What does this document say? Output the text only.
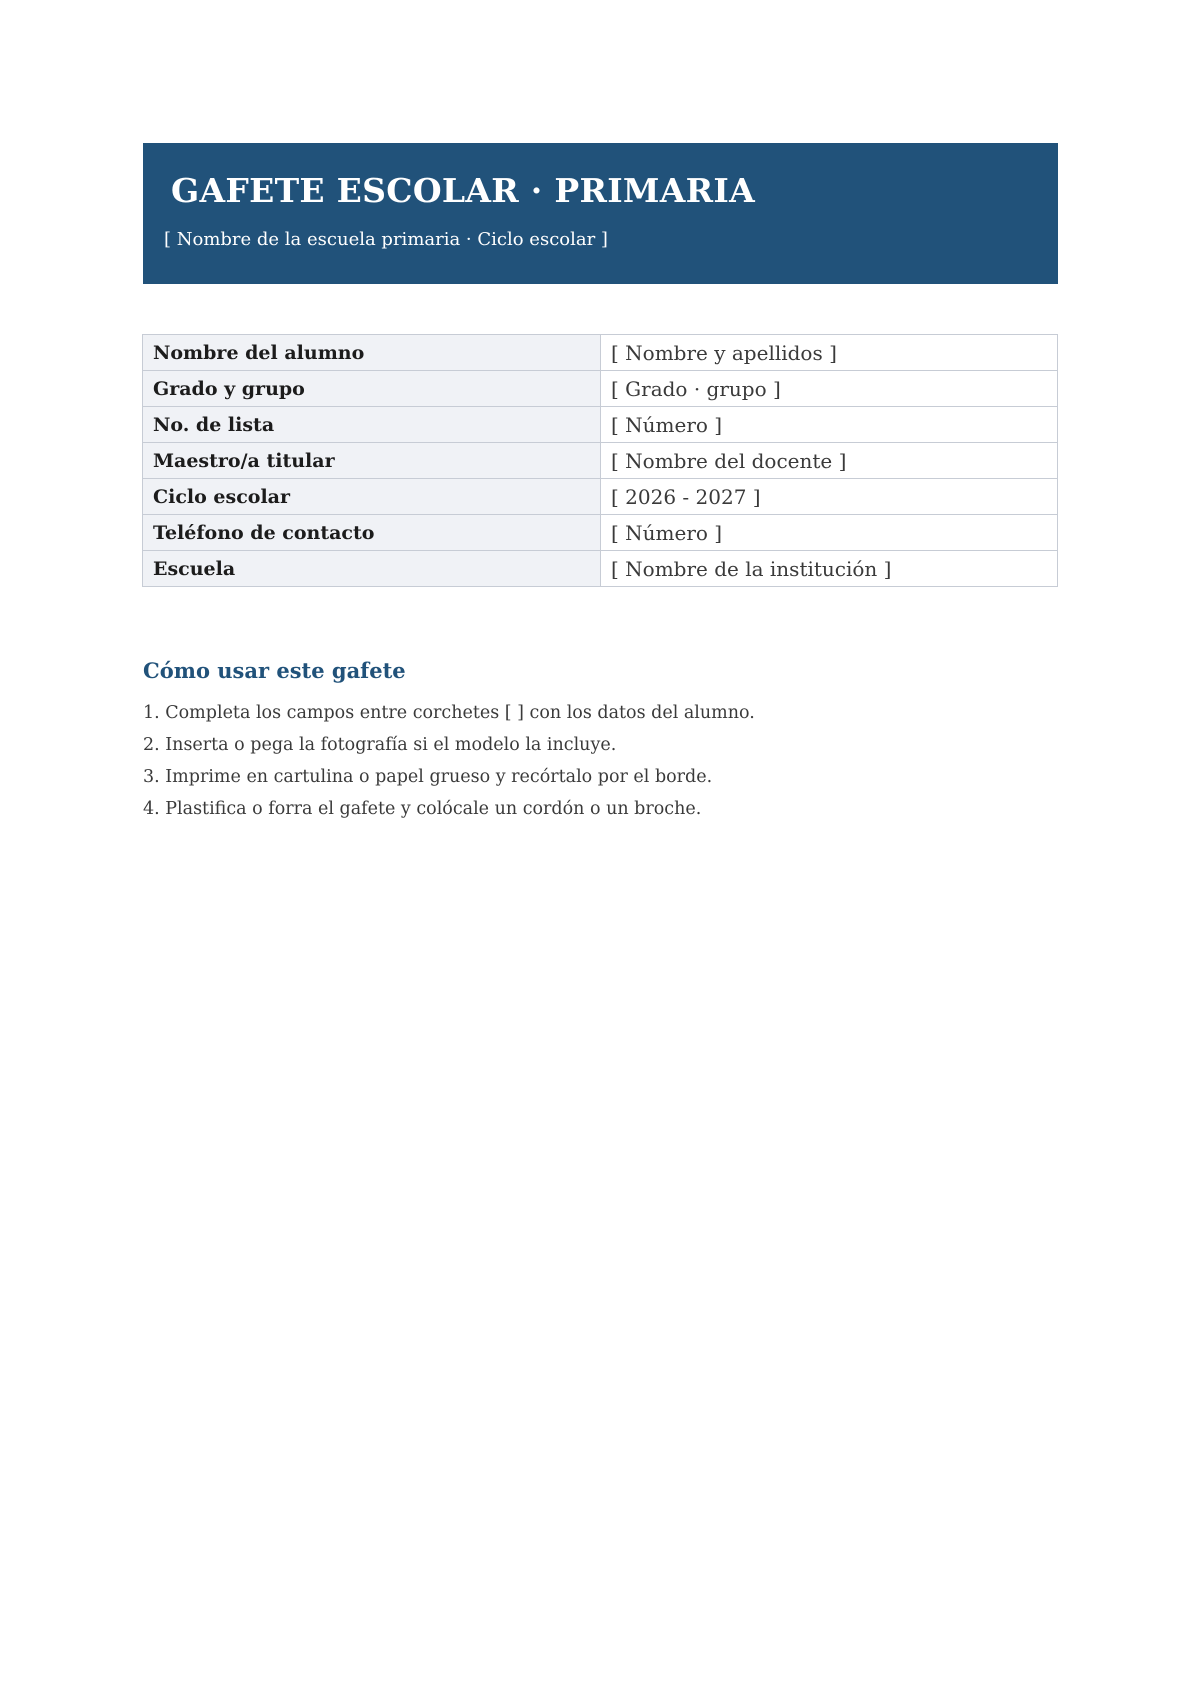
GAFETE ESCOLAR · PRIMARIA

[ Nombre de la escuela primaria · Ciclo escolar ]

Nombre del alumno	[ Nombre y apellidos ]
Grado y grupo	[ Grado · grupo ]
No. de lista	[ Número ]
Maestro/a titular	[ Nombre del docente ]
Ciclo escolar	[ 2026 - 2027 ]
Teléfono de contacto	[ Número ]
Escuela	[ Nombre de la institución ]
Cómo usar este gafete
1. Completa los campos entre corchetes [ ] con los datos del alumno.
2. Inserta o pega la fotografía si el modelo la incluye.
3. Imprime en cartulina o papel grueso y recórtalo por el borde.
4. Plastifica o forra el gafete y colócale un cordón o un broche.
